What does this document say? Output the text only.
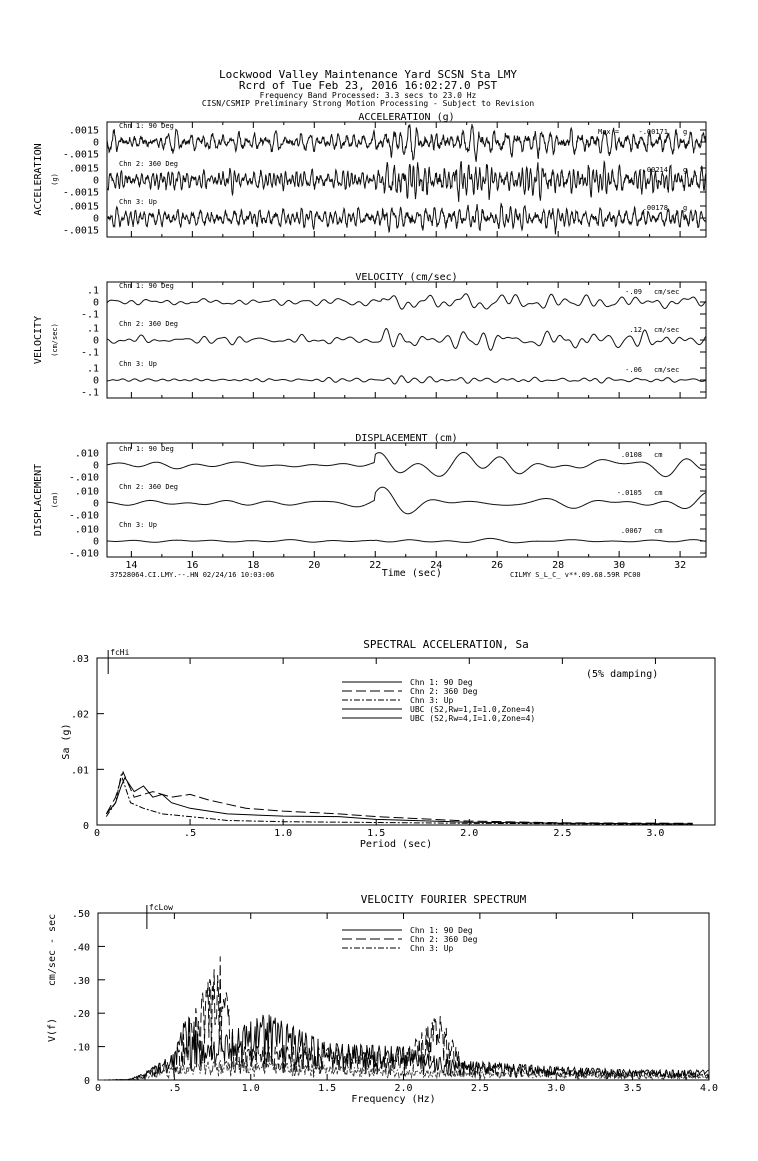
Lockwood Valley Maintenance Yard SCSN Sta LMY
Rcrd of Tue Feb 23, 2016 16:02:27.0 PST
Frequency Band Processed: 3.3 secs to 23.0 Hz
CISN/CSMIP Preliminary Strong Motion Processing - Subject to Revision
ACCELERATION (g)
ACCELERATION (g)
.0015
0
-.0015
Chn 1: 90 Deg
Max =	-.00171 g
.0015
0
-.0015
Chn 2: 360 Deg
-.00214 g
.0015
0
-.0015
Chn 3: Up
.00178 g
VELOCITY (cm/sec)
VELOCITY (cm/sec)
.1
0
-.1
Chn 1: 90 Deg
-.09 cm/sec
.1
0
-.1
Chn 2: 360 Deg
.12 cm/sec
.1
0
-.1
Chn 3: Up
-.06 cm/sec
DISPLACEMENT (cm)
DISPLACEMENT (cm)
14	16	18	20	22	24	26	28	30	32
Time (sec)
.010
0
-.010
Chn 1: 90 Deg
.0108 cm
.010
0
-.010
Chn 2: 360 Deg
-.0105 cm
.010
0
-.010
Chn 3: Up
.0067 cm
SPECTRAL ACCELERATION, Sa
0	.5	1.0	1.5	2.0	2.5	3.0
0
.01
.02
.03
Period (sec)
fcHi
Sa (g)
(5% damping)
Chn 1: 90 Deg
Chn 2: 360 Deg
Chn 3: Up
UBC (S2,Rw=1,I=1.0,Zone=4)
UBC (S2,Rw=4,I=1.0,Zone=4)
VELOCITY FOURIER SPECTRUM
0	.5	1.0	1.5	2.0	2.5	3.0	3.5	4.0
0
.10
.20
.30
.40
.50
Frequency (Hz)
fcLow
cm/sec - sec
V(f)
Chn 1: 90 Deg
Chn 2: 360 Deg
Chn 3: Up
37528064.CI.LMY.--.HN 02/24/16 10:03:06	CILMY S_L_C_ v**.09.68.59R PC00
